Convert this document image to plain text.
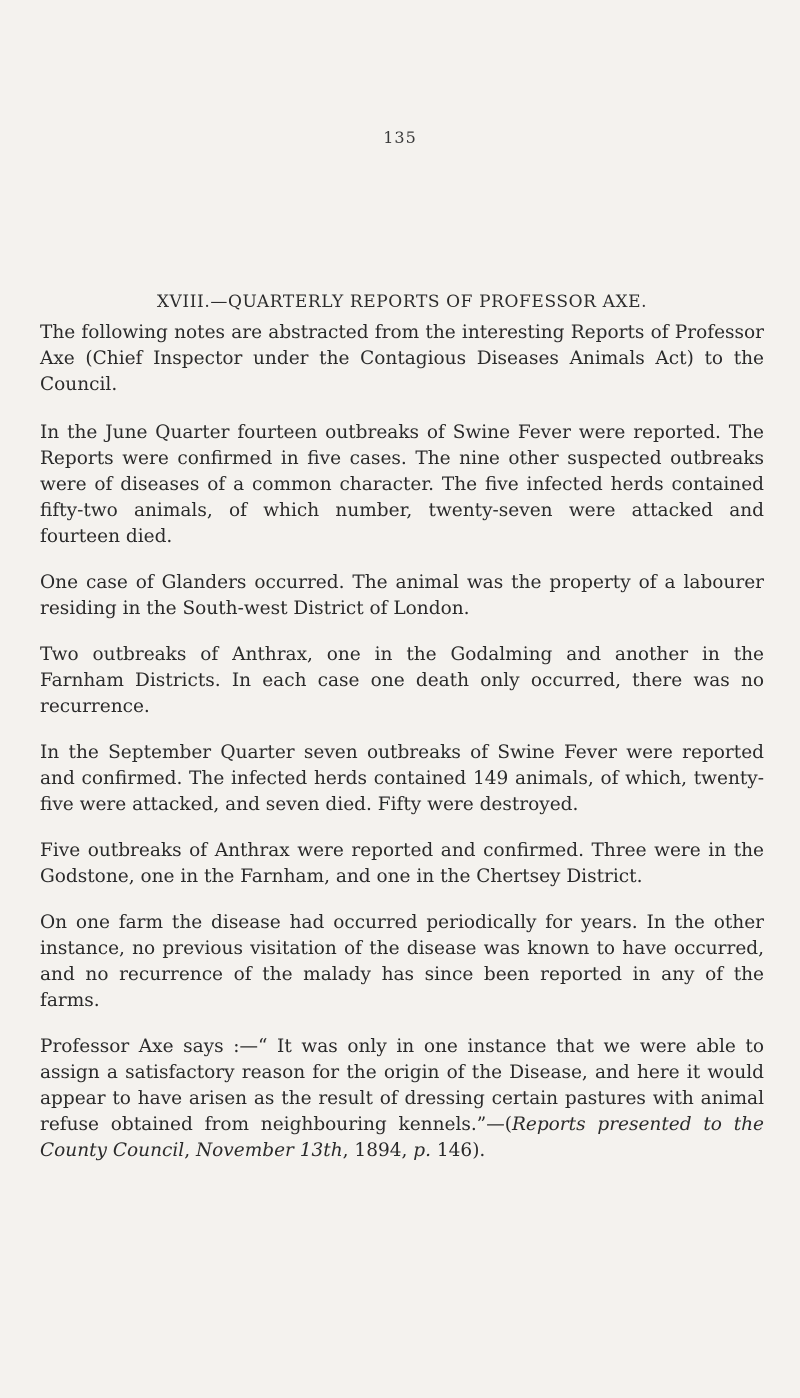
135
XVIII.—QUARTERLY REPORTS OF PROFESSOR AXE.

The following notes are abstracted from the interesting Reports of Professor Axe (Chief Inspector under the Contagious Diseases Animals Act) to the Council.

In the June Quarter fourteen outbreaks of Swine Fever were reported. The Reports were confirmed in five cases. The nine other suspected outbreaks were of diseases of a common character. The five infected herds contained fifty-two animals, of which number, twenty-seven were attacked and fourteen died.

One case of Glanders occurred. The animal was the property of a labourer residing in the South-west District of London.

Two outbreaks of Anthrax, one in the Godalming and another in the Farnham Districts. In each case one death only occurred, there was no recurrence.

In the September Quarter seven outbreaks of Swine Fever were reported and confirmed. The infected herds contained 149 animals, of which, twenty-five were attacked, and seven died. Fifty were destroyed.

Five outbreaks of Anthrax were reported and confirmed. Three were in the Godstone, one in the Farnham, and one in the Chertsey District.

On one farm the disease had occurred periodically for years. In the other instance, no previous visitation of the disease was known to have occurred, and no recurrence of the malady has since been reported in any of the farms.

Professor Axe says :—“ It was only in one instance that we were able to assign a satisfactory reason for the origin of the Disease, and here it would appear to have arisen as the result of dressing certain pastures with animal refuse obtained from neighbouring kennels.”—(Reports presented to the County Council, November 13th, 1894, p. 146).
